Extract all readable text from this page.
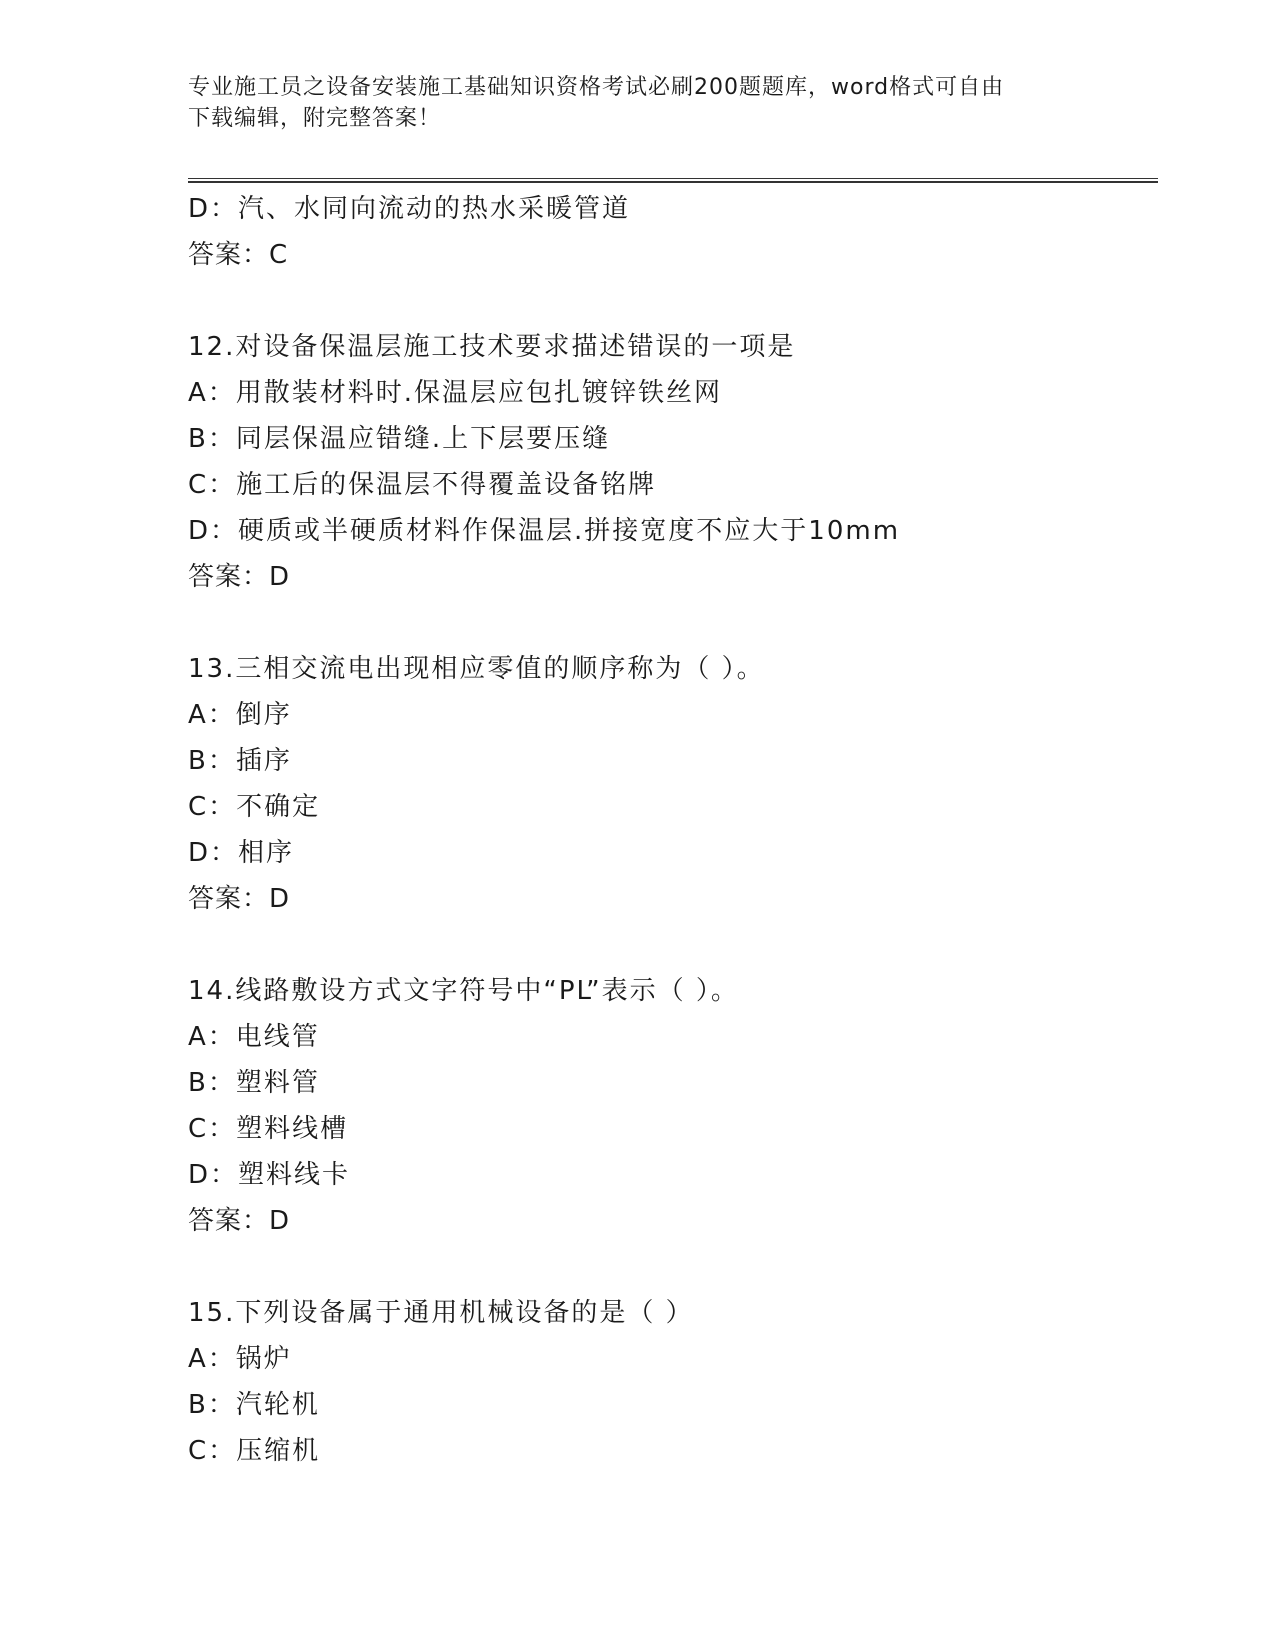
专业施工员之设备安装施工基础知识资格考试必刷200题题库，word格式可自由
下载编辑，附完整答案！
D：汽、水同向流动的热水采暖管道
答案：C
12.对设备保温层施工技术要求描述错误的一项是
A：用散装材料时.保温层应包扎镀锌铁丝网
B：同层保温应错缝.上下层要压缝
C：施工后的保温层不得覆盖设备铭牌
D：硬质或半硬质材料作保温层.拼接宽度不应大于10mm
答案：D
13.三相交流电出现相应零值的顺序称为（ ）。
A：倒序
B：插序
C：不确定
D：相序
答案：D
14.线路敷设方式文字符号中“PL”表示（ ）。
A：电线管
B：塑料管
C：塑料线槽
D：塑料线卡
答案：D
15.下列设备属于通用机械设备的是（ ）
A：锅炉
B：汽轮机
C：压缩机
